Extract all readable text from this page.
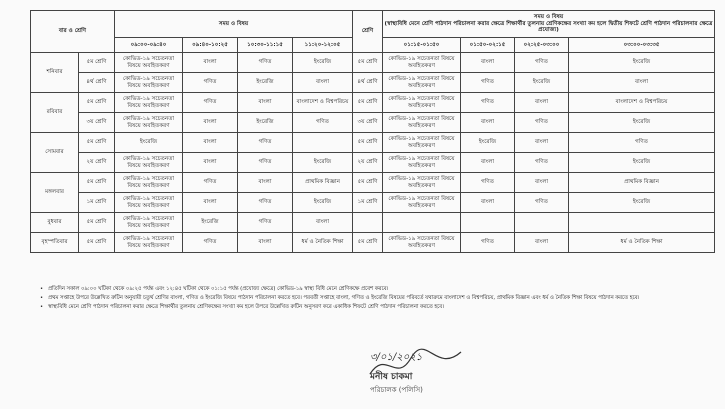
বার ও শ্রেণি		সময় ও বিষয়				শ্রেণি	সময় ও বিষয়
(স্বাস্থ্যবিধি মেনে শ্রেণি পাঠদান পরিচালনা করার ক্ষেত্রে শিক্ষার্থীর তুলনায় শ্রেণিকক্ষের সংখ্যা কম হলে দ্বিতীয় শিফটে শ্রেণি পাঠদান পরিচালনার ক্ষেত্রে প্রযোজ্য)			
		০৯:০০-০৯:৪০	০৯:৪০-১০:২৫	১০:৩০-১১:১৫	১১:২০-১২:০৫		০১:১৫-০১:৫০	০১:৫০-০২:১৫	০২:২৫-০৩:০০	০৩:০০-০৩:৩৫
শনিবার	৫ম শ্রেণি	কোভিড-১৯ সচেতনতা বিষয়ে অবহিতকরণ	বাংলা	গণিত	ইংরেজি	৫ম শ্রেণি	কোভিড-১৯ সচেতনতা বিষয়ে অবহিতকরণ	বাংলা	গণিত	ইংরেজি
	৪র্থ শ্রেণি	কোভিড-১৯ সচেতনতা বিষয়ে অবহিতকরণ	গণিত	ইংরেজি	বাংলা	৪র্থ শ্রেণি	কোভিড-১৯ সচেতনতা বিষয়ে অবহিতকরণ	গণিত	ইংরেজি	বাংলা
রবিবার	৫ম শ্রেণি	কোভিড-১৯ সচেতনতা বিষয়ে অবহিতকরণ	গণিত	বাংলা	বাংলাদেশ ও বিশ্বপরিচয়	৫ম শ্রেণি	কোভিড-১৯ সচেতনতা বিষয়ে অবহিতকরণ	গণিত	বাংলা	বাংলাদেশ ও বিশ্বপরিচয়
	৩য় শ্রেণি	কোভিড-১৯ সচেতনতা বিষয়ে অবহিতকরণ	বাংলা	ইংরেজি	গণিত	৩য় শ্রেণি	কোভিড-১৯ সচেতনতা বিষয়ে অবহিতকরণ	বাংলা	গণিত	ইংরেজি
সোমবার	৫ম শ্রেণি	ইংরেজি	বাংলা	গণিত		৫ম শ্রেণি	কোভিড-১৯ সচেতনতা বিষয়ে অবহিতকরণ	ইংরেজি	বাংলা	গণিত
	২য় শ্রেণি	কোভিড-১৯ সচেতনতা বিষয়ে অবহিতকরণ	বাংলা	গণিত	ইংরেজি	২য় শ্রেণি	কোভিড-১৯ সচেতনতা বিষয়ে অবহিতকরণ	বাংলা	গণিত	ইংরেজি
মঙ্গলবার	৫ম শ্রেণি	কোভিড-১৯ সচেতনতা বিষয়ে অবহিতকরণ	গণিত	বাংলা	প্রাথমিক বিজ্ঞান	৫ম শ্রেণি	কোভিড-১৯ সচেতনতা বিষয়ে অবহিতকরণ	গণিত	বাংলা	প্রাথমিক বিজ্ঞান
	১ম শ্রেণি	কোভিড-১৯ সচেতনতা বিষয়ে অবহিতকরণ	বাংলা	গণিত	ইংরেজি	১ম শ্রেণি	কোভিড-১৯ সচেতনতা বিষয়ে অবহিতকরণ	বাংলা	গণিত	ইংরেজি
বুধবার	৫ম শ্রেণি	কোভিড-১৯ সচেতনতা বিষয়ে অবহিতকরণ	ইংরেজি	গণিত	বাংলা					
বৃহস্পতিবার	৫ম শ্রেণি	কোভিড-১৯ সচেতনতা বিষয়ে অবহিতকরণ	গণিত	বাংলা	ধর্ম ও নৈতিক শিক্ষা	৫ম শ্রেণি	কোভিড-১৯ সচেতনতা বিষয়ে অবহিতকরণ	গণিত	বাংলা	ধর্ম ও নৈতিক শিক্ষা
• প্রতিদিন সকাল ০৯:০০ ঘটিকা থেকে ০৯:২৫ পর্যন্ত এবং ১২:৪৫ ঘটিকা থেকে ০১:১৫ পর্যন্ত (প্রযোজ্য ক্ষেত্রে) কোভিড-১৯ স্বাস্থ্য বিধি মেনে শ্রেণিকক্ষে প্রবেশ করবে।
• প্রথম সপ্তাহে উপরে উল্লেখিত রুটিন অনুযায়ী চতুর্থ শ্রেণির বাংলা, গণিত ও ইংরেজি বিষয়ে পাঠদান পরিচালনা করতে হবে। পরবর্তী সপ্তাহে বাংলা, গণিত ও ইংরেজি বিষয়ের পরিবর্তে যথাক্রমে বাংলাদেশ ও বিশ্বপরিচয়, প্রাথমিক বিজ্ঞান এবং ধর্ম ও নৈতিক শিক্ষা বিষয়ে পাঠদান করতে হবে।
• স্বাস্থ্যবিধি মেনে শ্রেণি পাঠদান পরিচালনা করার ক্ষেত্রে শিক্ষার্থীর তুলনায় শ্রেণিকক্ষের সংখ্যা কম হলে উপরে উল্লেখিত রুটিন অনুসরণ করে একাধিক শিফটে শ্রেণি পাঠদান পরিচালনা করতে হবে।
৩/০১/২০২১
মনীষ চাকমা
পরিচালক (পলিসি)
